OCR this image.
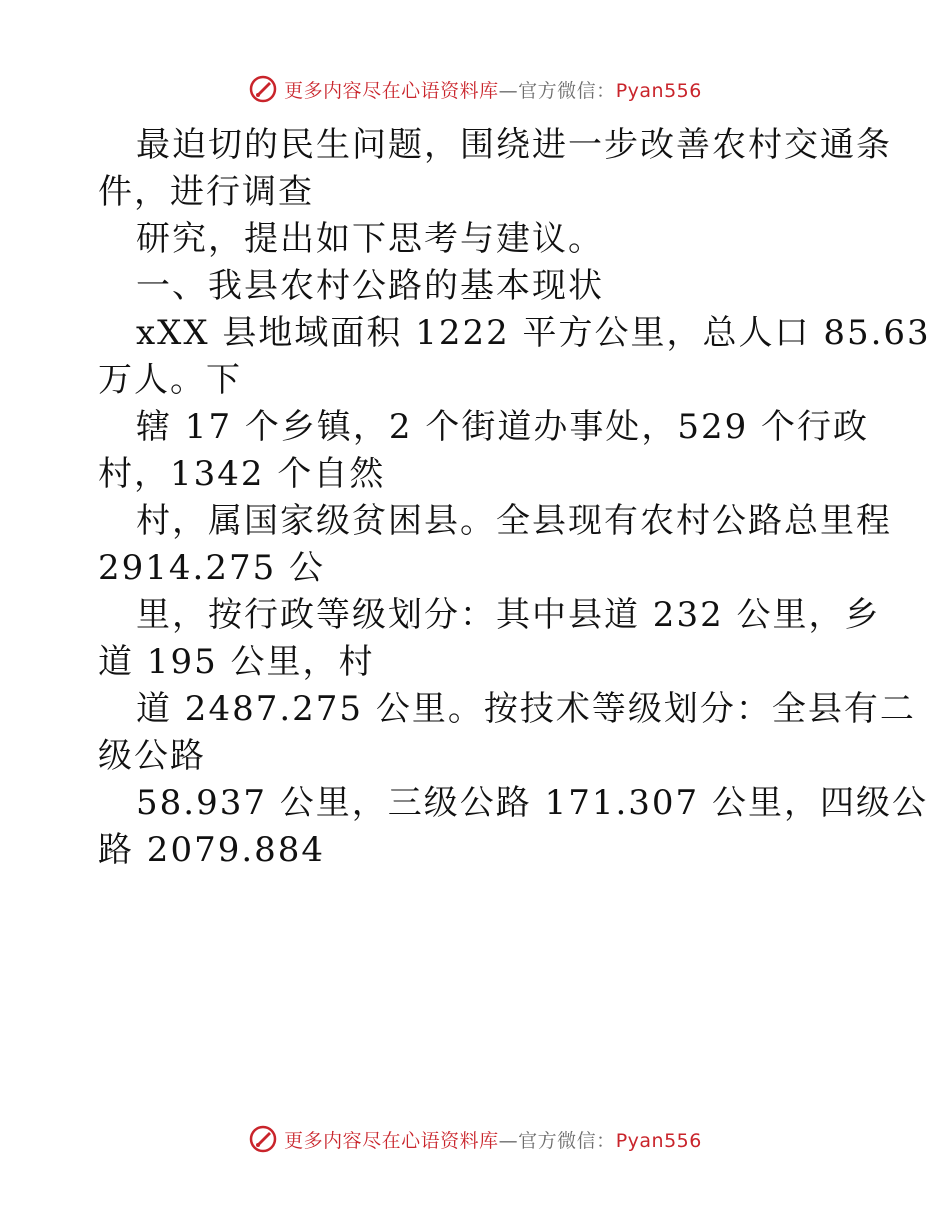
更多内容尽在心语资料库—官方微信：Pyan556
最迫切的民生问题，围绕进一步改善农村交通条
件，进行调查
研究，提出如下思考与建议。
一、我县农村公路的基本现状
xXX 县地域面积 1222 平方公里，总人口 85.63
万人。下
辖 17 个乡镇，2 个街道办事处，529 个行政
村，1342 个自然
村，属国家级贫困县。全县现有农村公路总里程
2914.275 公
里，按行政等级划分：其中县道 232 公里，乡
道 195 公里，村
道 2487.275 公里。按技术等级划分：全县有二
级公路
58.937 公里，三级公路 171.307 公里，四级公
路 2079.884
更多内容尽在心语资料库—官方微信：Pyan556
